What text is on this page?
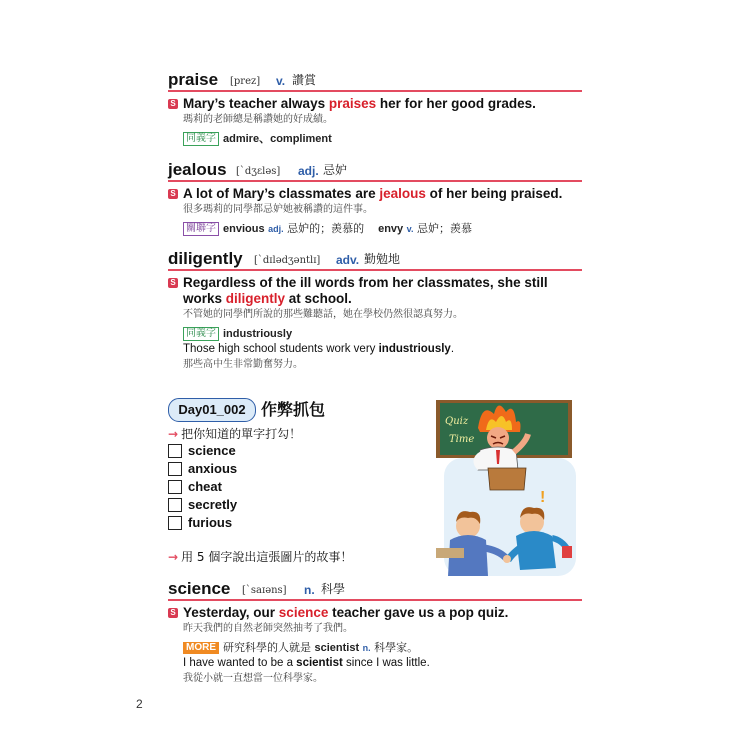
praise [prez] v. 讚賞
S Mary’s teacher always praises her for her good grades.
瑪莉的老師總是稱讚她的好成績。
同義字 admire、compliment
jealous [ˋdʒɛləs] adj. 忌妒
S A lot of Mary’s classmates are jealous of her being praised.
很多瑪莉的同學都忌妒她被稱讚的這件事。
關聯字 envious adj. 忌妒的；羨慕的 envy v. 忌妒；羨慕
diligently [ˋdɪlədʒəntlɪ] adv. 勤勉地
S Regardless of the ill words from her classmates, she still
works diligently at school.
不管她的同學們所說的那些難聽話，她在學校仍然很認真努力。
同義字 industriously
Those high school students work very industriously.
那些高中生非常勤奮努力。
Day01_002 作弊抓包
→ 把你知道的單字打勾！
science
anxious
cheat
secretly
furious
→ 用 5 個字說出這張圖片的故事！
Quiz
Time
!
science [ˋsaɪəns] n. 科學
S Yesterday, our science teacher gave us a pop quiz.
昨天我們的自然老師突然抽考了我們。
MORE 研究科學的人就是 scientist n. 科學家。
I have wanted to be a scientist since I was little.
我從小就一直想當一位科學家。
2
